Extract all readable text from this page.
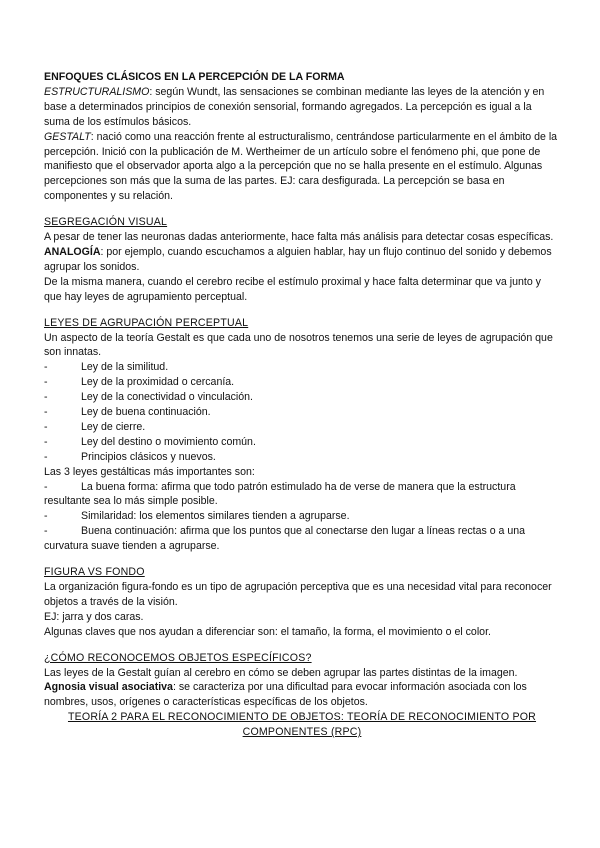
ENFOQUES CLÁSICOS EN LA PERCEPCIÓN DE LA FORMA

ESTRUCTURALISMO: según Wundt, las sensaciones se combinan mediante las leyes de la atención y en base a determinados principios de conexión sensorial, formando agregados. La percepción es igual a la suma de los estímulos básicos.

GESTALT: nació como una reacción frente al estructuralismo, centrándose particularmente en el ámbito de la percepción. Inició con la publicación de M. Wertheimer de un artículo sobre el fenómeno phi, que pone de manifiesto que el observador aporta algo a la percepción que no se halla presente en el estímulo. Algunas percepciones son más que la suma de las partes. EJ: cara desfigurada. La percepción se basa en componentes y su relación.

SEGREGACIÓN VISUAL

A pesar de tener las neuronas dadas anteriormente, hace falta más análisis para detectar cosas específicas.

ANALOGÍA: por ejemplo, cuando escuchamos a alguien hablar, hay un flujo continuo del sonido y debemos agrupar los sonidos.

De la misma manera, cuando el cerebro recibe el estímulo proximal y hace falta determinar que va junto y que hay leyes de agrupamiento perceptual.

LEYES DE AGRUPACIÓN PERCEPTUAL

Un aspecto de la teoría Gestalt es que cada uno de nosotros tenemos una serie de leyes de agrupación que son innatas.

-	Ley de la similitud.
-	Ley de la proximidad o cercanía.
-	Ley de la conectividad o vinculación.
-	Ley de buena continuación.
-	Ley de cierre.
-	Ley del destino o movimiento común.
-	Principios clásicos y nuevos.

Las 3 leyes gestálticas más importantes son:

-	La buena forma: afirma que todo patrón estimulado ha de verse de manera que la estructura resultante sea lo más simple posible.

-	Similaridad: los elementos similares tienden a agruparse.

-	Buena continuación: afirma que los puntos que al conectarse den lugar a líneas rectas o a una curvatura suave tienden a agruparse.

FIGURA VS FONDO

La organización figura-fondo es un tipo de agrupación perceptiva que es una necesidad vital para reconocer objetos a través de la visión.

EJ: jarra y dos caras.

Algunas claves que nos ayudan a diferenciar son: el tamaño, la forma, el movimiento o el color.

¿CÓMO RECONOCEMOS OBJETOS ESPECÍFICOS?

Las leyes de la Gestalt guían al cerebro en cómo se deben agrupar las partes distintas de la imagen.

Agnosia visual asociativa: se caracteriza por una dificultad para evocar información asociada con los nombres, usos, orígenes o características específicas de los objetos.

TEORÍA 2 PARA EL RECONOCIMIENTO DE OBJETOS: TEORÍA DE RECONOCIMIENTO POR COMPONENTES (RPC)
